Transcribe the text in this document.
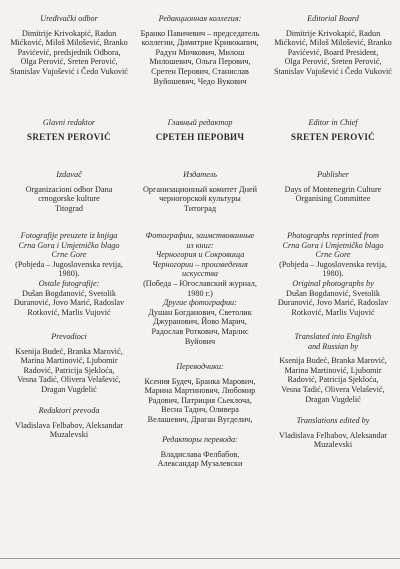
Uređivački odbor
Dimitrije Krivokapić, Radun
Mićković, Miloš Milošević, Branko
Pavićević, predsjednik Odbora,
Olga Perović, Sreten Perović,
Stanislav Vujošević i Čedo Vuković
Glavni redaktor
SRETEN PEROVIĆ
Izdavač
Organizacioni odbor Dana
crnogorske kulture
Titograd
Fotografije preuzete iz knjiga
Crna Gora i Umjetničko blago
Crne Gore
(Pobjeda – Jugoslovenska revija,
1980).
Ostale fotografije:
Dušan Bogdanović, Svetolik
Đuranović, Jovo Marić, Radoslav
Rotković, Marlis Vujović
Prevodioci
Ksenija Budeć, Branka Marović,
Marina Martinović, Ljubomir
Radović, Patricija Sjekloća,
Vesna Tadić, Olivera Velašević,
Dragan Vugdelić
Redaktori prevoda
Vladislava Felbabov, Aleksandar
Muzalevski
Редакционная коллегия:
Бранко Павичевич – председатель
коллегии, Димитрие Кривокапич,
Радун Мичкович, Милош
Милошевич, Ольга Перович,
Сретен Перович, Станислав
Вуйошевич, Чедо Вукович
Главный редактор
СРЕТЕН ПЕРОВИЧ
Издатель
Организационный комитет Дней
черногорской культуры
Титоград
Фотографии, заимствованные
из книг:
Черногория и Сокровища
Черногории – произведения
искусства
(Победа – Югославский журнал,
1980 г.)
Другие фотографии:
Душан Богданович, Светолик
Джуранович, Йово Марич,
Радослав Роткович, Марлис
Вуйович
Переводчики:
Ксения Будеч, Бранка Марович,
Марина Мартинович, Любомир
Радович, Патриция Сьеклоча,
Весна Тадич, Оливера
Велашевич, Драган Вугделич,
Редакторы перевода:
Владислава Фелбабов,
Александар Музалевски
Editorial Board
Dimitrije Krivokapić, Radun
Mićković, Miloš Milošević, Branko
Pavićević, Board President,
Olga Perović, Sreten Perović,
Stanislav Vujošević i Čedo Vuković
Editor in Chief
SRETEN PEROVIĆ
Publisher
Days of Montenegrin Culture
Organising Committee
Photographs reprinted from
Crna Gora i Umjetničko blago
Crne Gore
(Pobjeda – Jugoslovenska revija,
1980).
Original photographs by
Dušan Bogdanović, Svetolik
Đuranović, Jovo Marić, Radoslav
Rotković, Marlis Vujović
Translated into English
and Russian by
Ksenija Budeć, Branka Marović,
Marina Martinović, Ljubomir
Radović, Patricija Sjekloća,
Vesna Tadić, Olivera Velašević,
Dragan Vugdelić
Translations edited by
Vladislava Felbabov, Aleksandar
Muzalevski
